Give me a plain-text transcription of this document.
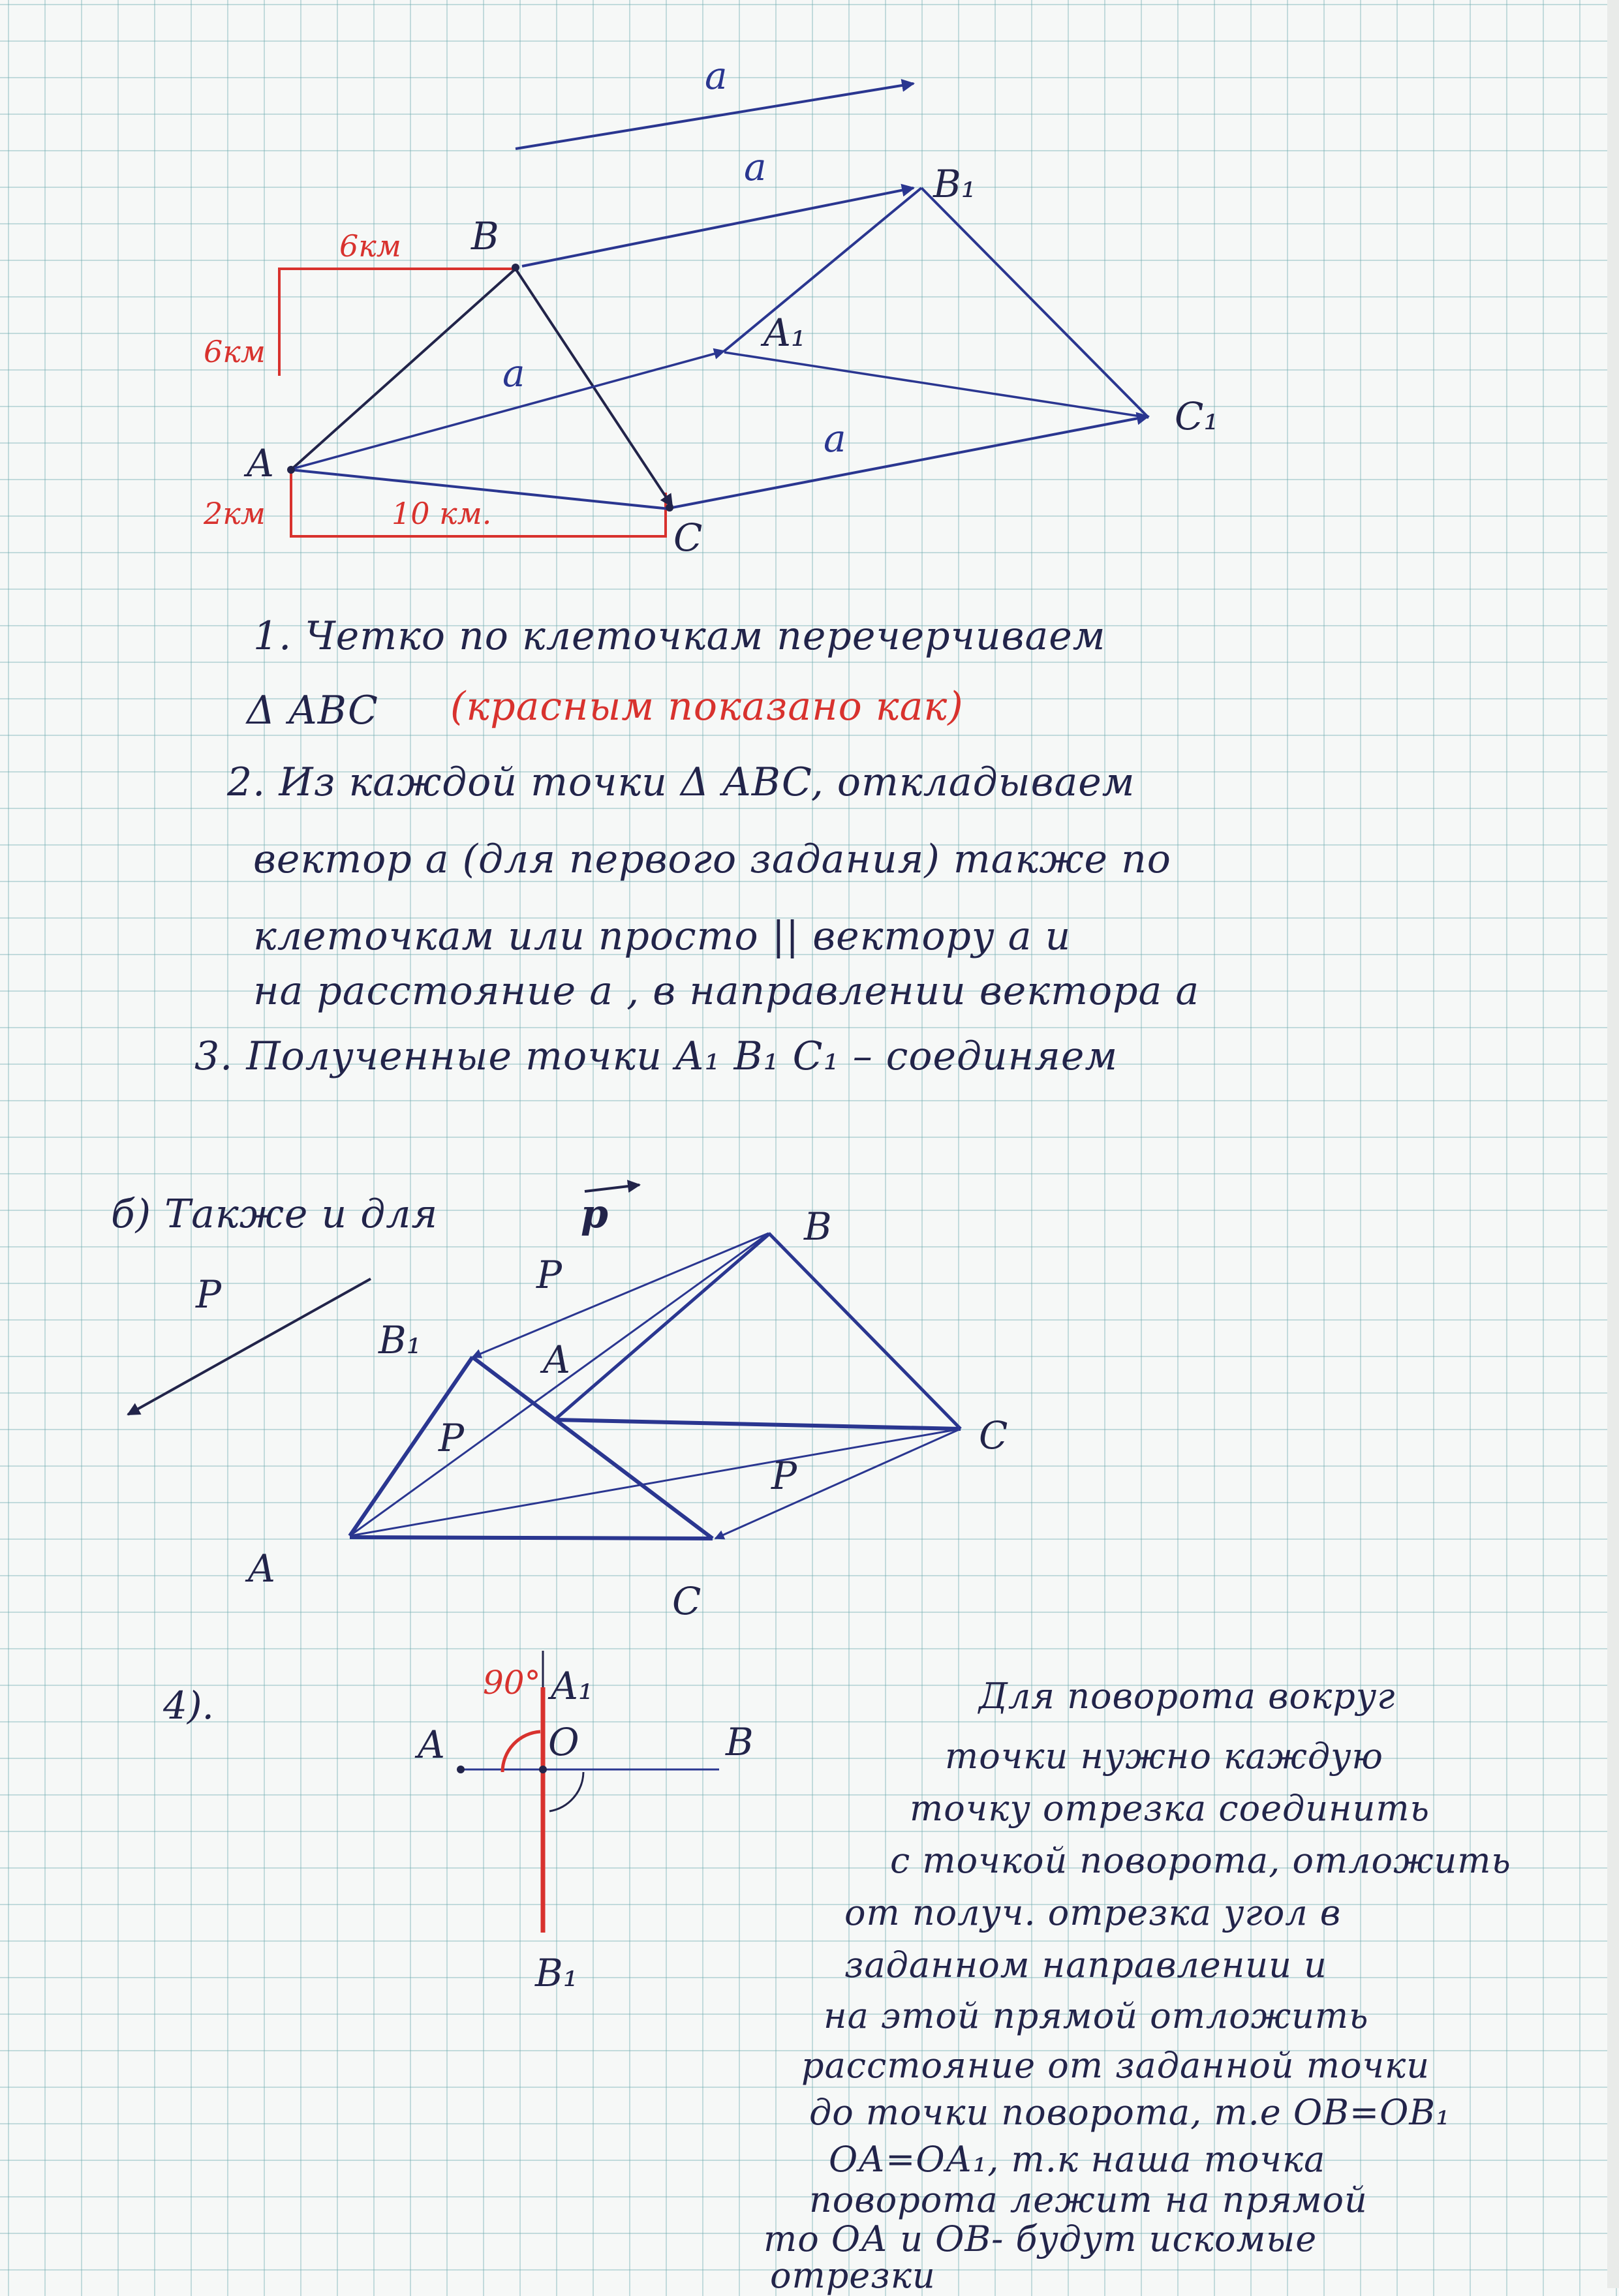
a
a
a
a
A
B
C
A₁
B₁
C₁
6км
6км
2км	10 км.
1. Четко по клеточкам перечерчиваем
Δ ABC (красным показано как)
2. Из каждой точки Δ ABC, откладываем
вектор а (для первого задания) также по
клеточкам или просто || вектору а и
на расстояние а , в направлении вектора а
3. Полученные точки A₁ B₁ C₁ – соединяем
б) Также и для	p
P	P
P
P
B
B₁	A
A
C
C
4).
90°
A	O	B
A₁
B₁
Для поворота вокруг
точки нужно каждую
точку отрезка соединить
с точкой поворота, отложить
от получ. отрезка угол в
заданном направлении и
на этой прямой отложить
расстояние от заданной точки
до точки поворота, т.е ОВ=ОВ₁
ОА=ОА₁, т.к наша точка
поворота лежит на прямой
то ОА и ОВ- будут искомые
отрезки
